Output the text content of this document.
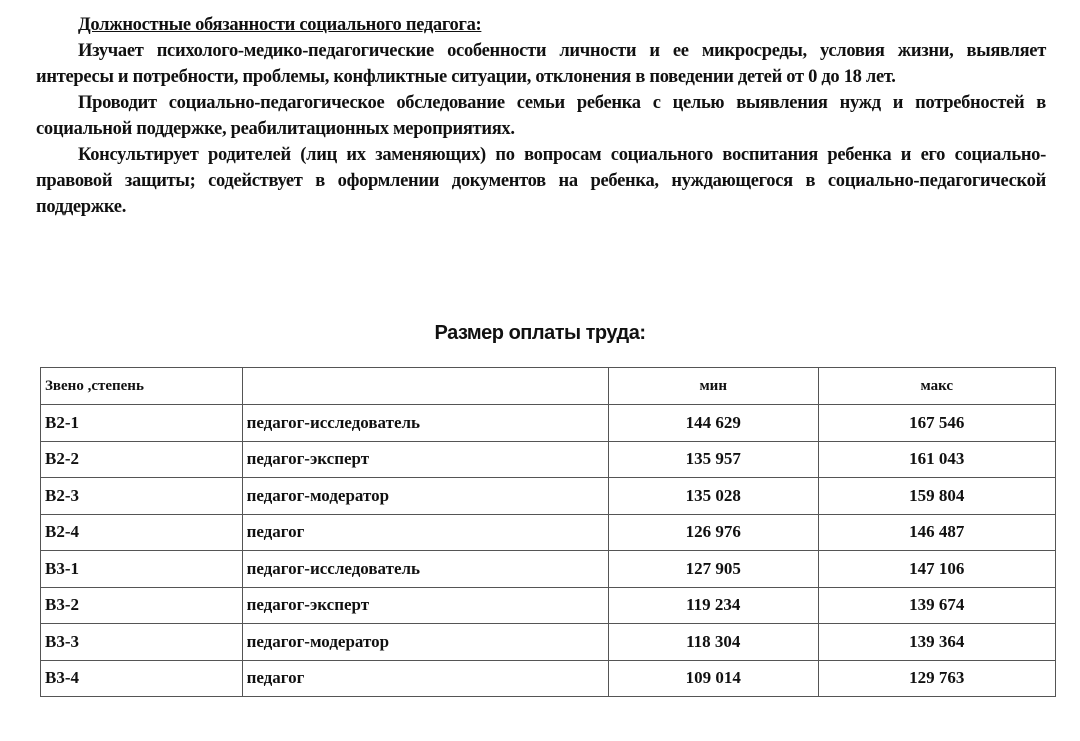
Должностные обязанности социального педагога:

Изучает психолого-медико-педагогические особенности личности и ее микросреды, условия жизни, выявляет интересы и потребности, проблемы, конфликтные ситуации, отклонения в поведении детей от 0 до 18 лет.

Проводит социально-педагогическое обследование семьи ребенка с целью выявления нужд и потребностей в социальной поддержке, реабилитационных мероприятиях.

Консультирует родителей (лиц их заменяющих) по вопросам социального воспитания ребенка и его социально-правовой защиты; содействует в оформлении документов на ребенка, нуждающегося в социально-педагогической поддержке.

Размер оплаты труда:
Звено ,степень		мин	макс
В2-1	педагог-исследователь	144 629	167 546
В2-2	педагог-эксперт	135 957	161 043
В2-3	педагог-модератор	135 028	159 804
В2-4	педагог	126 976	146 487
В3-1	педагог-исследователь	127 905	147 106
В3-2	педагог-эксперт	119 234	139 674
В3-3	педагог-модератор	118 304	139 364
В3-4	педагог	109 014	129 763
